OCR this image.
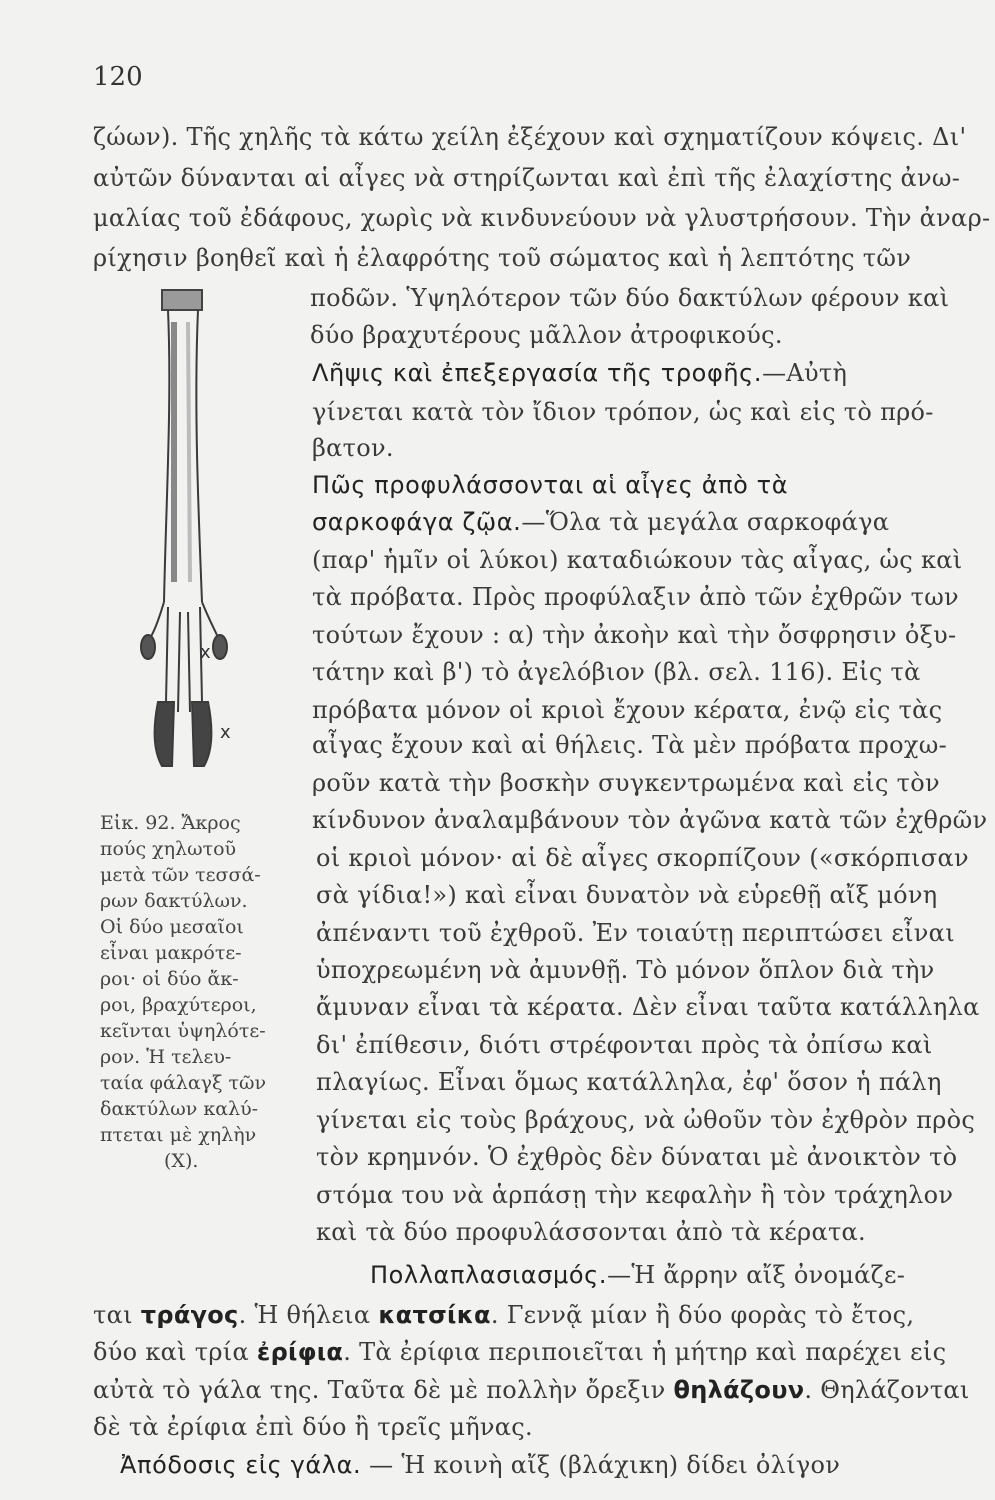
120
ζώων). Τῆς χηλῆς τὰ κάτω χείλη ἐξέχουν καὶ σχηματίζουν κόψεις. Δι'
αὐτῶν δύνανται αἱ αἶγες νὰ στηρίζωνται καὶ ἐπὶ τῆς ἐλαχίστης ἀνω-
μαλίας τοῦ ἐδάφους, χωρὶς νὰ κινδυνεύουν νὰ γλυστρήσουν. Τὴν ἀναρ-
ρίχησιν βοηθεῖ καὶ ἡ ἐλαφρότης τοῦ σώματος καὶ ἡ λεπτότης τῶν
ποδῶν. Ὑψηλότερον τῶν δύο δακτύλων φέρουν καὶ
δύο βραχυτέρους μᾶλλον ἀτροφικούς.
Λῆψις καὶ ἐπεξεργασία τῆς τροφῆς.—Αὐτὴ
γίνεται κατὰ τὸν ἴδιον τρόπον, ὡς καὶ εἰς τὸ πρό-
βατον.
Πῶς προφυλάσσονται αἱ αἶγες ἀπὸ τὰ
σαρκοφάγα ζῷα.—Ὅλα τὰ μεγάλα σαρκοφάγα
(παρ' ἡμῖν οἱ λύκοι) καταδιώκουν τὰς αἶγας, ὡς καὶ
τὰ πρόβατα. Πρὸς προφύλαξιν ἀπὸ τῶν ἐχθρῶν των
τούτων ἔχουν : α) τὴν ἀκοὴν καὶ τὴν ὄσφρησιν ὀξυ-
τάτην καὶ β') τὸ ἀγελόβιον (βλ. σελ. 116). Εἰς τὰ
πρόβατα μόνον οἱ κριοὶ ἔχουν κέρατα, ἐνῷ εἰς τὰς
αἶγας ἔχουν καὶ αἱ θήλεις. Τὰ μὲν πρόβατα προχω-
ροῦν κατὰ τὴν βοσκὴν συγκεντρωμένα καὶ εἰς τὸν
κίνδυνον ἀναλαμβάνουν τὸν ἀγῶνα κατὰ τῶν ἐχθρῶν
οἱ κριοὶ μόνον· αἱ δὲ αἶγες σκορπίζουν («σκόρπισαν
σὰ γίδια!») καὶ εἶναι δυνατὸν νὰ εὑρεθῇ αἴξ μόνη
ἀπέναντι τοῦ ἐχθροῦ. Ἐν τοιαύτῃ περιπτώσει εἶναι
ὑποχρεωμένη νὰ ἀμυνθῇ. Τὸ μόνον ὅπλον διὰ τὴν
ἄμυναν εἶναι τὰ κέρατα. Δὲν εἶναι ταῦτα κατάλληλα
δι' ἐπίθεσιν, διότι στρέφονται πρὸς τὰ ὀπίσω καὶ
πλαγίως. Εἶναι ὅμως κατάλληλα, ἐφ' ὅσον ἡ πάλη
γίνεται εἰς τοὺς βράχους, νὰ ὠθοῦν τὸν ἐχθρὸν πρὸς
τὸν κρημνόν. Ὁ ἐχθρὸς δὲν δύναται μὲ ἀνοικτὸν τὸ
στόμα του νὰ ἁρπάσῃ τὴν κεφαλὴν ἢ τὸν τράχηλον
καὶ τὰ δύο προφυλάσσονται ἀπὸ τὰ κέρατα.
Πολλαπλασιασμός.—Ἡ ἄρρην αἴξ ὀνομάζε-
ται τράγος. Ἡ θήλεια κατσίκα. Γεννᾷ μίαν ἢ δύο φορὰς τὸ ἔτος,
δύο καὶ τρία ἐρίφια. Τὰ ἐρίφια περιποιεῖται ἡ μήτηρ καὶ παρέχει εἰς
αὐτὰ τὸ γάλα της. Ταῦτα δὲ μὲ πολλὴν ὄρεξιν θηλάζουν. Θηλάζονται
δὲ τὰ ἐρίφια ἐπὶ δύο ἢ τρεῖς μῆνας.
Ἀπόδοσις εἰς γάλα. — Ἡ κοινὴ αἴξ (βλάχικη) δίδει ὀλίγον
x
x
Εἰκ. 92. Ἄκρος
πούς χηλωτοῦ
μετὰ τῶν τεσσά-
ρων δακτύλων.
Οἱ δύο μεσαῖοι
εἶναι μακρότε-
ροι· οἱ δύο ἄκ-
ροι, βραχύτεροι,
κεῖνται ὑψηλότε-
ρον. Ἡ τελευ-
ταία φάλαγξ τῶν
δακτύλων καλύ-
πτεται μὲ χηλὴν
(Χ).
